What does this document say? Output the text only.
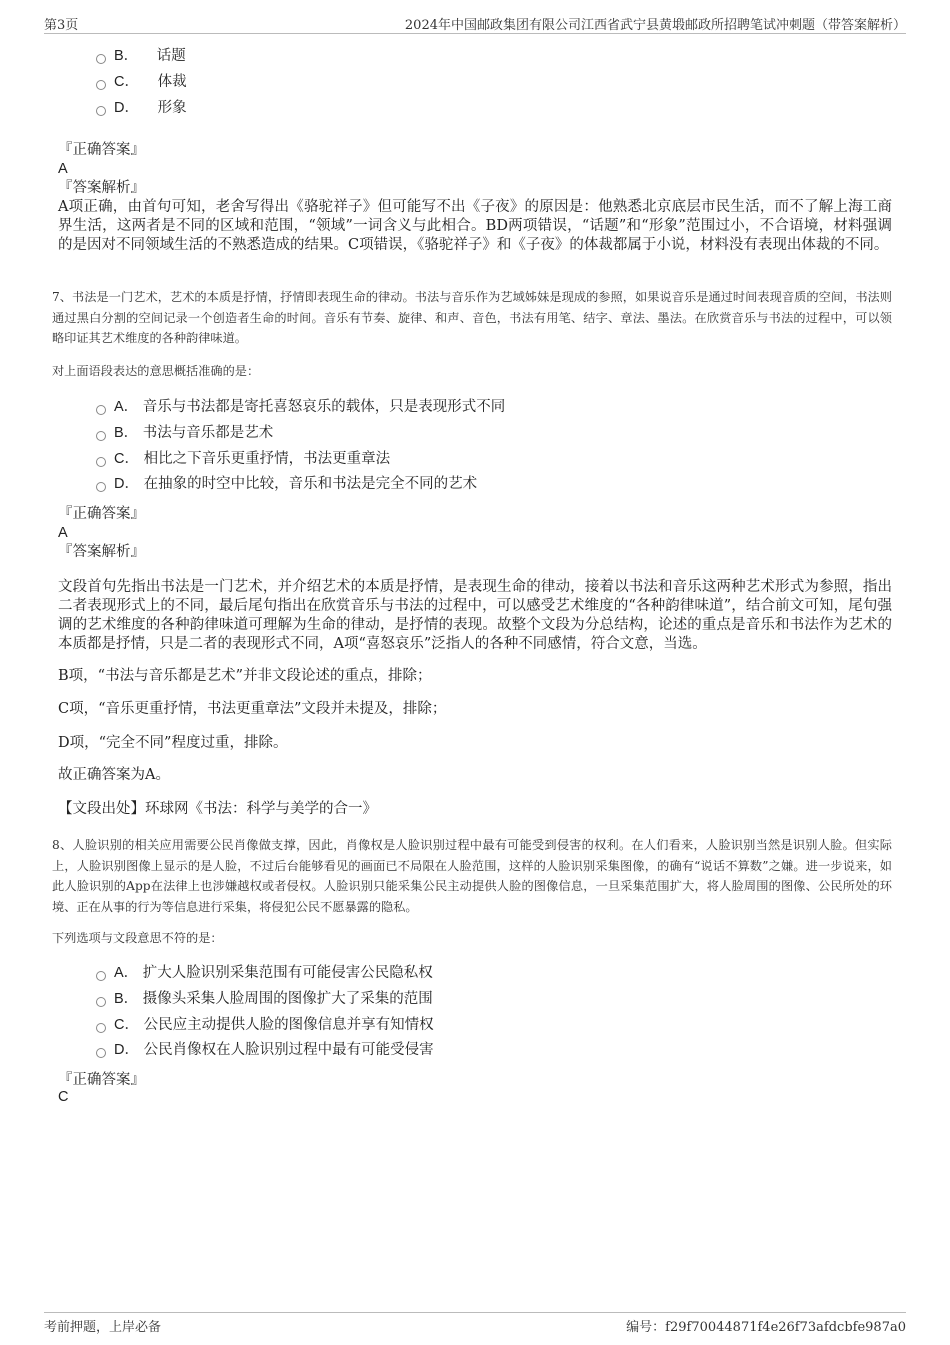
第3页	2024年中国邮政集团有限公司江西省武宁县黄塅邮政所招聘笔试冲刺题（带答案解析）
B． 话题
C． 体裁
D． 形象
『正确答案』
A
『答案解析』
A项正确，由首句可知，老舍写得出《骆驼祥子》但可能写不出《子夜》的原因是：他熟悉北京底层市民生活，而不了解上海工商界生活，这两者是不同的区域和范围，“领域”一词含义与此相合。BD两项错误，“话题”和“形象”范围过小，不合语境，材料强调的是因对不同领域生活的不熟悉造成的结果。C项错误，《骆驼祥子》和《子夜》的体裁都属于小说，材料没有表现出体裁的不同。
7、书法是一门艺术，艺术的本质是抒情，抒情即表现生命的律动。书法与音乐作为艺域姊妹是现成的参照，如果说音乐是通过时间表现音质的空间，书法则通过黑白分割的空间记录一个创造者生命的时间。音乐有节奏、旋律、和声、音色，书法有用笔、结字、章法、墨法。在欣赏音乐与书法的过程中，可以领略印证其艺术维度的各种韵律味道。
对上面语段表达的意思概括准确的是：
A． 音乐与书法都是寄托喜怒哀乐的载体，只是表现形式不同
B． 书法与音乐都是艺术
C． 相比之下音乐更重抒情，书法更重章法
D． 在抽象的时空中比较，音乐和书法是完全不同的艺术
『正确答案』
A
『答案解析』
文段首句先指出书法是一门艺术，并介绍艺术的本质是抒情，是表现生命的律动，接着以书法和音乐这两种艺术形式为参照，指出二者表现形式上的不同，最后尾句指出在欣赏音乐与书法的过程中，可以感受艺术维度的“各种韵律味道”，结合前文可知，尾句强调的艺术维度的各种韵律味道可理解为生命的律动，是抒情的表现。故整个文段为分总结构，论述的重点是音乐和书法作为艺术的本质都是抒情，只是二者的表现形式不同，A项“喜怒哀乐”泛指人的各种不同感情，符合文意，当选。
B项，“书法与音乐都是艺术”并非文段论述的重点，排除；
C项，“音乐更重抒情，书法更重章法”文段并未提及，排除；
D项，“完全不同”程度过重，排除。
故正确答案为A。
【文段出处】环球网《书法：科学与美学的合一》
8、人脸识别的相关应用需要公民肖像做支撑，因此，肖像权是人脸识别过程中最有可能受到侵害的权利。在人们看来，人脸识别当然是识别人脸。但实际上，人脸识别图像上显示的是人脸，不过后台能够看见的画面已不局限在人脸范围，这样的人脸识别采集图像，的确有“说话不算数”之嫌。进一步说来，如此人脸识别的App在法律上也涉嫌越权或者侵权。人脸识别只能采集公民主动提供人脸的图像信息，一旦采集范围扩大，将人脸周围的图像、公民所处的环境、正在从事的行为等信息进行采集，将侵犯公民不愿暴露的隐私。
下列选项与文段意思不符的是：
A． 扩大人脸识别采集范围有可能侵害公民隐私权
B． 摄像头采集人脸周围的图像扩大了采集的范围
C． 公民应主动提供人脸的图像信息并享有知情权
D． 公民肖像权在人脸识别过程中最有可能受侵害
『正确答案』
C
考前押题，上岸必备	编号：f29f70044871f4e26f73afdcbfe987a0
